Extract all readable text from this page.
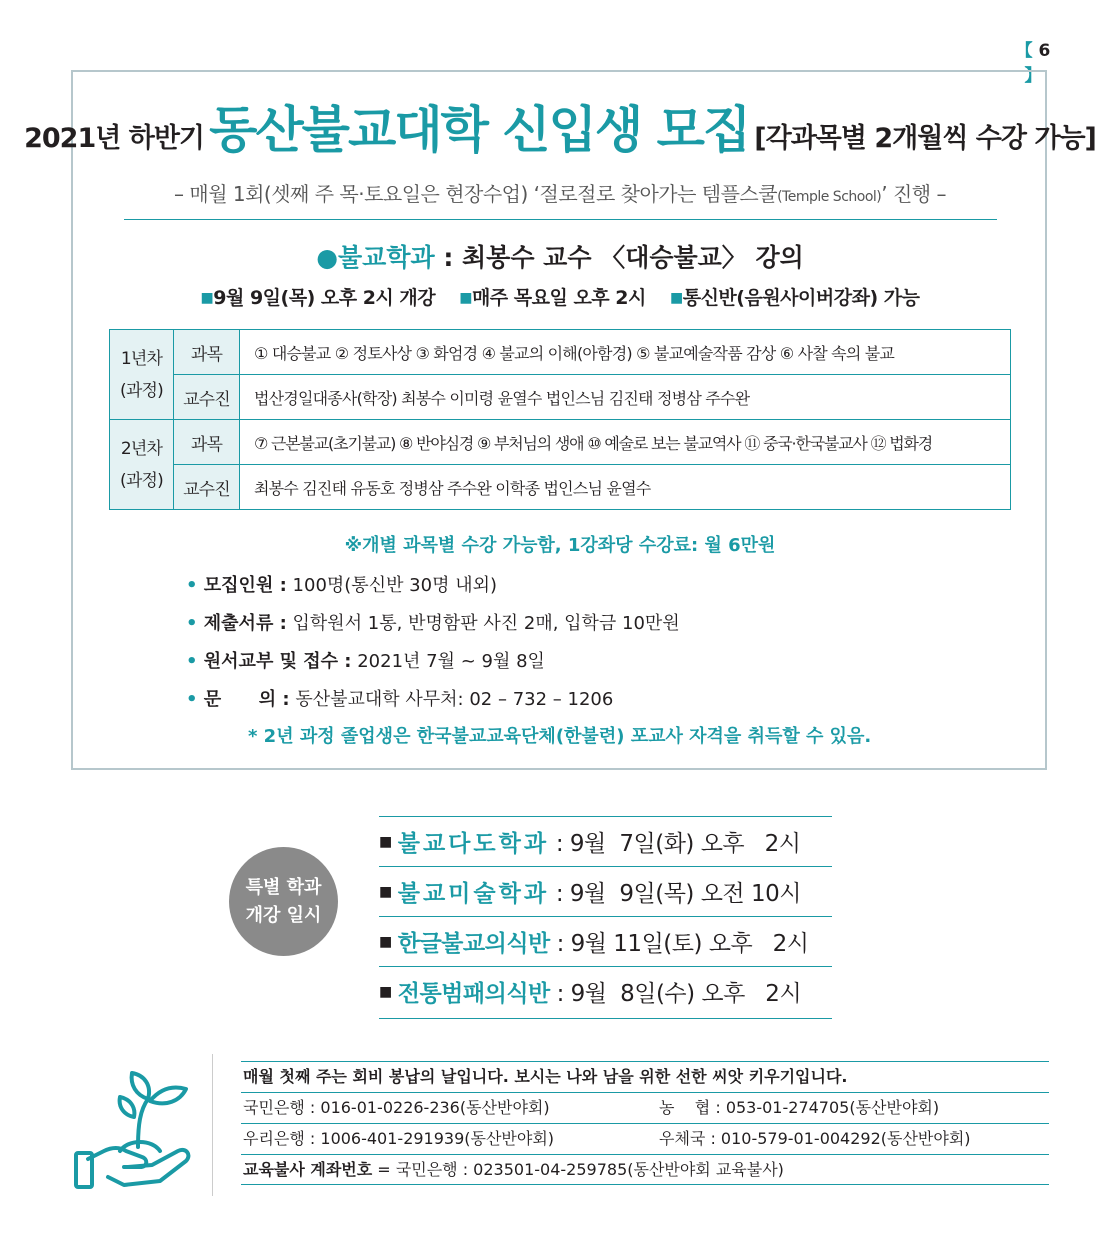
【 6 】
2021년 하반기 동산불교대학 신입생 모집 [각과목별 2개월씩 수강 가능]
– 매월 1회(셋째 주 목·토요일은 현장수업) ‘절로절로 찾아가는 템플스쿨(Temple School)’ 진행 –
●불교학과 : 최봉수 교수 〈대승불교〉 강의
■9월 9일(목) 오후 2시 개강 ■매주 목요일 오후 2시 ■통신반(음원사이버강좌) 가능
1년차
(과정)	과목	① 대승불교 ② 정토사상 ③ 화엄경 ④ 불교의 이해(아함경) ⑤ 불교예술작품 감상 ⑥ 사찰 속의 불교
	교수진	법산경일대종사(학장) 최봉수 이미령 윤열수 법인스님 김진태 정병삼 주수완
2년차
(과정)	과목	⑦ 근본불교(초기불교) ⑧ 반야심경 ⑨ 부처님의 생애 ⑩ 예술로 보는 불교역사 ⑪ 중국·한국불교사 ⑫ 법화경
	교수진	최봉수 김진태 유동호 정병삼 주수완 이학종 법인스님 윤열수
※개별 과목별 수강 가능함, 1강좌당 수강료: 월 6만원
• 모집인원 : 100명(통신반 30명 내외)
• 제출서류 : 입학원서 1통, 반명함판 사진 2매, 입학금 10만원
• 원서교부 및 접수 : 2021년 7월 ~ 9월 8일
• 문      의 : 동산불교대학 사무처: 02 – 732 – 1206
* 2년 과정 졸업생은 한국불교교육단체(한불련) 포교사 자격을 취득할 수 있음.
특별 학과
개강 일시
■ 불교다도학과 : 9월  7일(화) 오후   2시
■ 불교미술학과 : 9월  9일(목) 오전 10시
■ 한글불교의식반 : 9월 11일(토) 오후   2시
■ 전통범패의식반 : 9월  8일(수) 오후   2시
매월 첫째 주는 회비 봉납의 날입니다. 보시는 나와 남을 위한 선한 씨앗 키우기입니다.
국민은행 : 016-01-0226-236(동산반야회)	농    협 : 053-01-274705(동산반야회)
우리은행 : 1006-401-291939(동산반야회)	우체국 : 010-579-01-004292(동산반야회)
교육불사 계좌번호 = 국민은행 : 023501-04-259785(동산반야회 교육불사)
